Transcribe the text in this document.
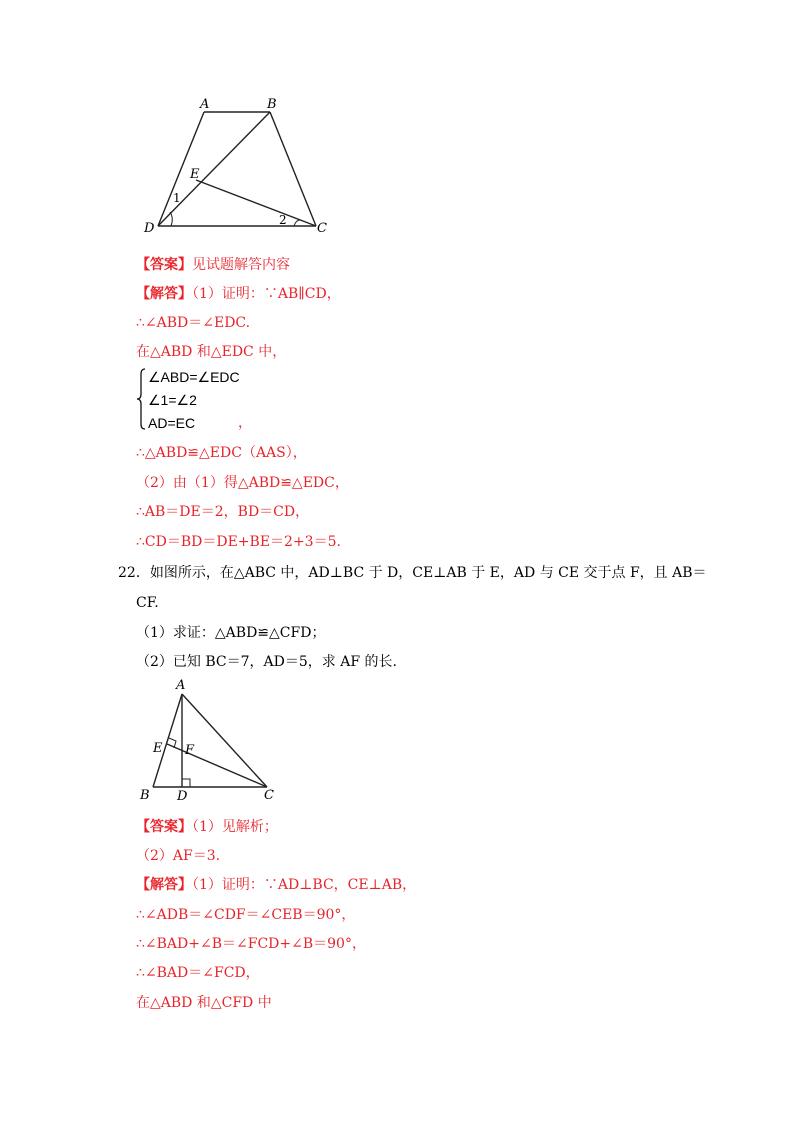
A	B
E
1
2
D	C
【答案】见试题解答内容
【解答】（1）证明：∵AB∥CD，
∴∠ABD＝∠EDC.
在△ABD 和△EDC 中，
∠ABD=∠EDC
∠1=∠2
AD=EC	，
∴△ABD≌△EDC（AAS），
（2）由（1）得△ABD≌△EDC，
∴AB＝DE＝2，BD＝CD，
∴CD＝BD＝DE+BE＝2+3＝5.
22．如图所示，在△ABC 中，AD⊥BC 于 D，CE⊥AB 于 E，AD 与 CE 交于点 F，且 AB＝
CF.
（1）求证：△ABD≌△CFD；
（2）已知 BC＝7，AD＝5，求 AF 的长.
A
E F
B D	C
【答案】（1）见解析；
（2）AF＝3.
【解答】（1）证明：∵AD⊥BC，CE⊥AB，
∴∠ADB＝∠CDF＝∠CEB＝90°，
∴∠BAD+∠B＝∠FCD+∠B＝90°，
∴∠BAD＝∠FCD，
在△ABD 和△CFD 中
